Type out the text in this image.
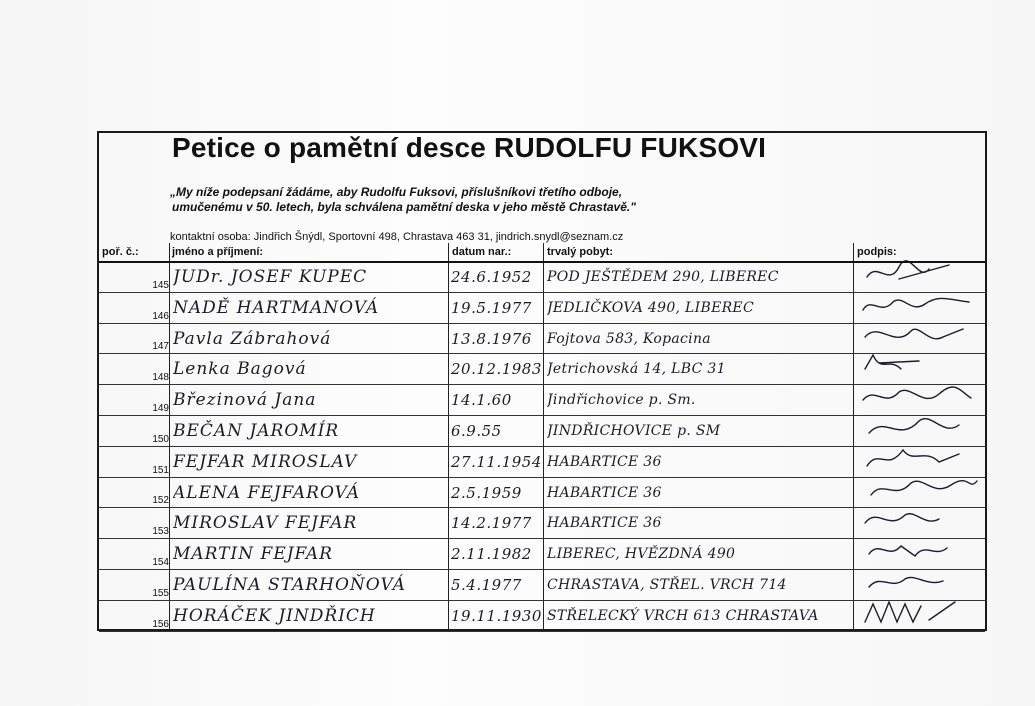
Petice o pamětní desce RUDOLFU FUKSOVI
„My níže podepsaní žádáme, aby Rudolfu Fuksovi, příslušníkovi třetího odboje,
umučenému v 50. letech, byla schválena pamětní deska v jeho městě Chrastavě."
kontaktní osoba: Jindřich Šnýdl, Sportovní 498, Chrastava 463 31, jindrich.snydl@seznam.cz
poř. č.:	jméno a příjmení:	datum nar.:	trvalý pobyt:	podpis:
145 JUDr. JOSEF KUPEC	24.6.1952	POD JEŠTĚDEM 290, LIBEREC
146 NADĚ HARTMANOVÁ	19.5.1977	JEDLIČKOVA 490, LIBEREC
147 Pavla Zábrahová	13.8.1976	Fojtova 583, Kopacina
148 Lenka Bagová	20.12.1983 Jetrichovská 14, LBC 31
149 Březinová Jana	14.1.60	Jindřichovice p. Sm.
150 BEČAN JAROMÍR	6.9.55	JINDŘICHOVICE p. SM
151 FEJFAR MIROSLAV	27.11.1954 HABARTICE 36
152 ALENA FEJFAROVÁ	2.5.1959	HABARTICE 36
153 MIROSLAV FEJFAR	14.2.1977	HABARTICE 36
154 MARTIN FEJFAR	2.11.1982	LIBEREC, HVĚZDNÁ 490
155 PAULÍNA STARHOŇOVÁ	5.4.1977	CHRASTAVA, STŘEL. VRCH 714
156 HORÁČEK JINDŘICH	19.11.1930 STŘELECKÝ VRCH 613 CHRASTAVA
